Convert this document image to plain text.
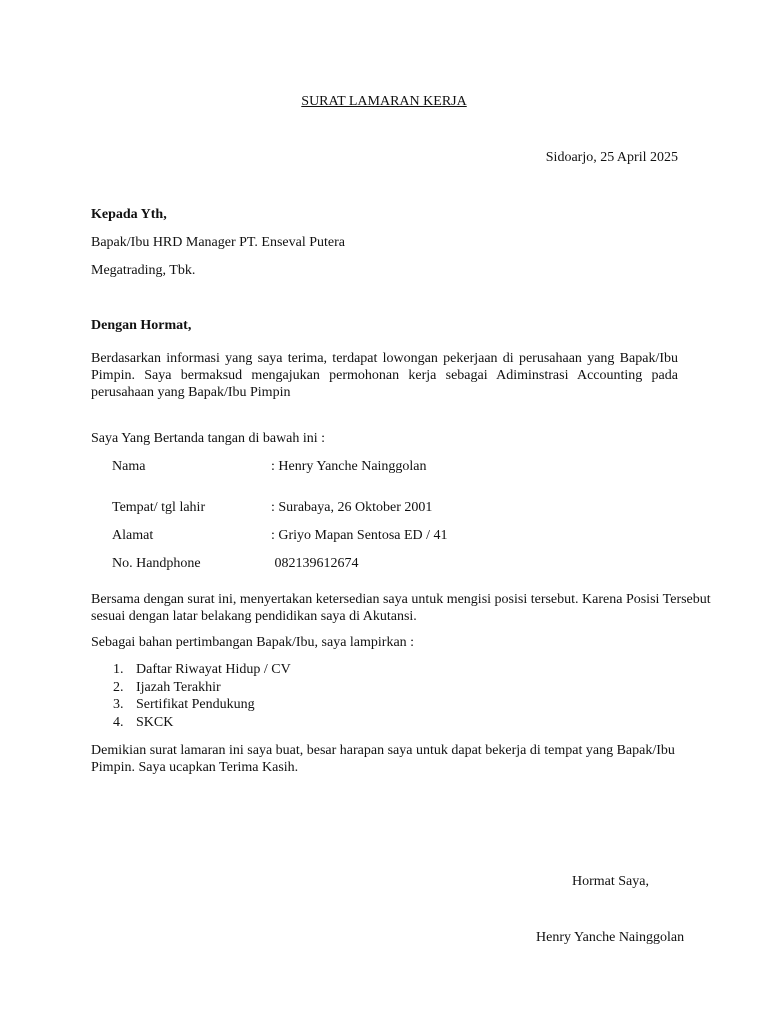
SURAT LAMARAN KERJA
Sidoarjo, 25 April 2025
Kepada Yth,
Bapak/Ibu HRD Manager PT. Enseval Putera
Megatrading, Tbk.
Dengan Hormat,
Berdasarkan informasi yang saya terima, terdapat lowongan pekerjaan di perusahaan yang Bapak/Ibu Pimpin. Saya bermaksud mengajukan permohonan kerja sebagai Adiminstrasi Accounting pada perusahaan yang Bapak/Ibu Pimpin
Saya Yang Bertanda tangan di bawah ini :
Nama	: Henry Yanche Nainggolan
Tempat/ tgl lahir	: Surabaya, 26 Oktober 2001
Alamat	: Griyo Mapan Sentosa ED / 41
No. Handphone	082139612674
Bersama dengan surat ini, menyertakan ketersedian saya untuk mengisi posisi tersebut. Karena Posisi Tersebut sesuai dengan latar belakang pendidikan saya di Akutansi.
Sebagai bahan pertimbangan Bapak/Ibu, saya lampirkan :
1. Daftar Riwayat Hidup / CV
2. Ijazah Terakhir
3. Sertifikat Pendukung
4. SKCK
Demikian surat lamaran ini saya buat, besar harapan saya untuk dapat bekerja di tempat yang Bapak/Ibu Pimpin. Saya ucapkan Terima Kasih.
Hormat Saya,
Henry Yanche Nainggolan
